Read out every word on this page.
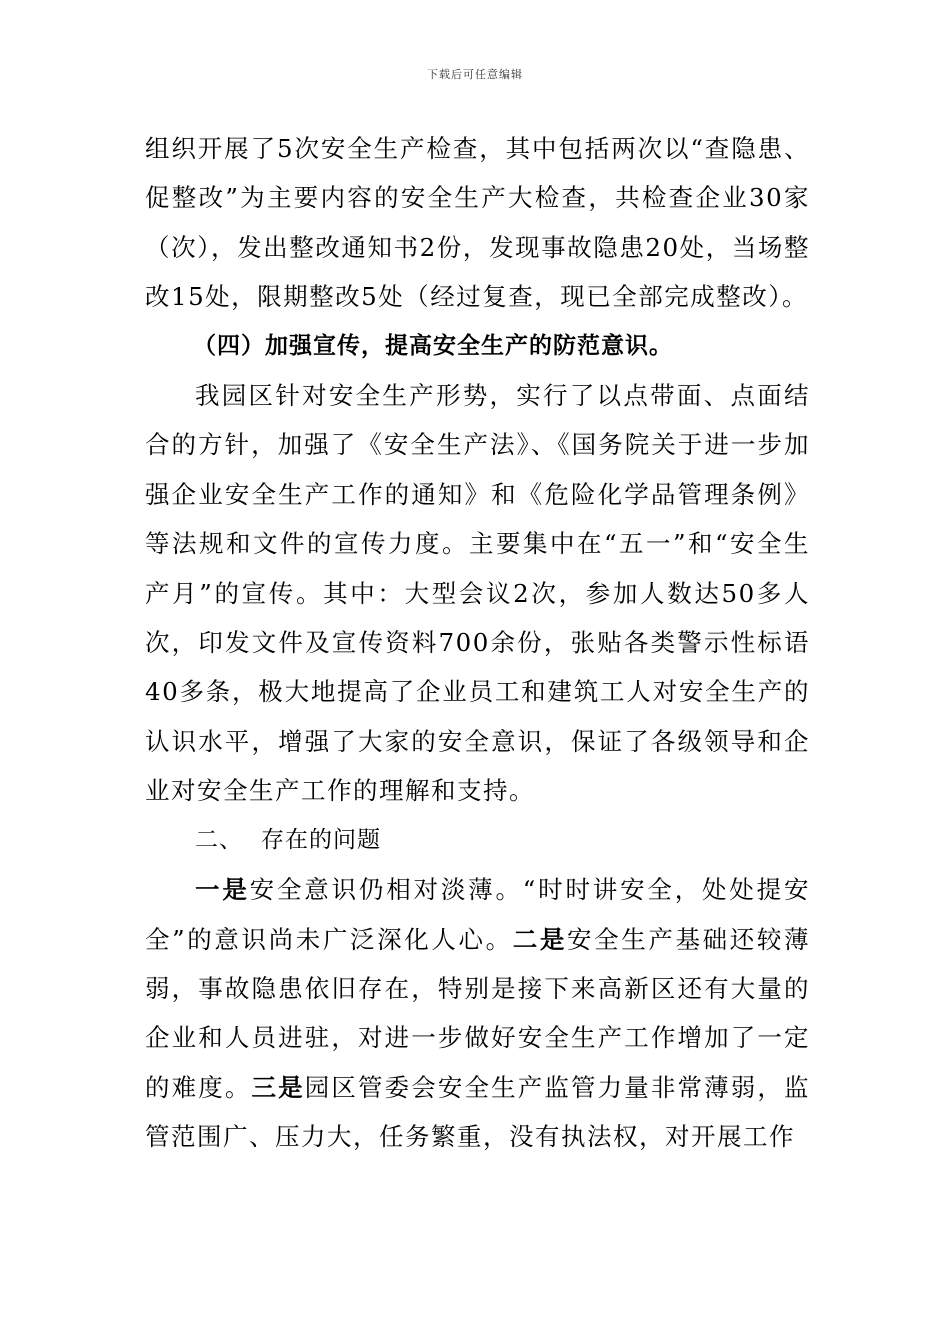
下载后可任意编辑

组织开展了5次安全生产检查，其中包括两次以“查隐患、促整改”为主要内容的安全生产大检查，共检查企业30家（次），发出整改通知书2份，发现事故隐患20处，当场整改15处，限期整改5处（经过复查，现已全部完成整改）。

（四）加强宣传，提高安全生产的防范意识。

我园区针对安全生产形势，实行了以点带面、点面结合的方针，加强了《安全生产法》、《国务院关于进一步加强企业安全生产工作的通知》和《危险化学品管理条例》等法规和文件的宣传力度。主要集中在“五一”和“安全生产月”的宣传。其中：大型会议2次，参加人数达50多人次，印发文件及宣传资料700余份，张贴各类警示性标语40多条，极大地提高了企业员工和建筑工人对安全生产的认识水平，增强了大家的安全意识，保证了各级领导和企业对安全生产工作的理解和支持。

二、 存在的问题

一是安全意识仍相对淡薄。“时时讲安全，处处提安全”的意识尚未广泛深化人心。二是安全生产基础还较薄弱，事故隐患依旧存在，特别是接下来高新区还有大量的企业和人员进驻，对进一步做好安全生产工作增加了一定的难度。三是园区管委会安全生产监管力量非常薄弱，监管范围广、压力大，任务繁重，没有执法权，对开展工作
